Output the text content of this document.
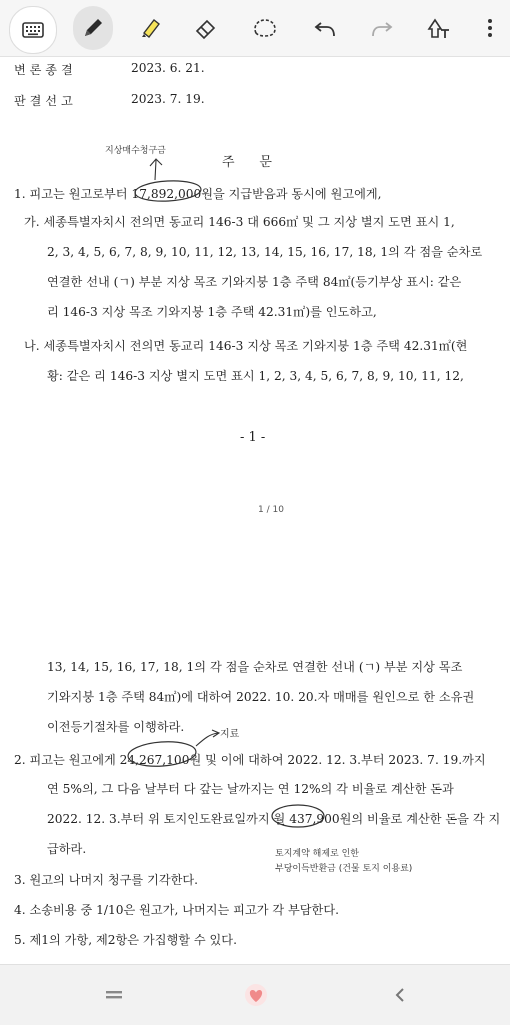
변 론 종 결	2023. 6. 21.
판 결 선 고	2023. 7. 19.
주      문
1. 피고는 원고로부터 17,892,000원을 지급받음과 동시에 원고에게,
가. 세종특별자치시 전의면 동교리 146-3 대 666㎡ 및 그 지상 별지 도면 표시 1,
2, 3, 4, 5, 6, 7, 8, 9, 10, 11, 12, 13, 14, 15, 16, 17, 18, 1의 각 점을 순차로
연결한 선내 (ㄱ) 부분 지상 목조 기와지붕 1층 주택 84㎡(등기부상 표시: 같은
리 146-3 지상 목조 기와지붕 1층 주택 42.31㎡)를 인도하고,
나. 세종특별자치시 전의면 동교리 146-3 지상 목조 기와지붕 1층 주택 42.31㎡(현
황: 같은 리 146-3 지상 별지 도면 표시 1, 2, 3, 4, 5, 6, 7, 8, 9, 10, 11, 12,
- 1 -
1 / 10
13, 14, 15, 16, 17, 18, 1의 각 점을 순차로 연결한 선내 (ㄱ) 부분 지상 목조
기와지붕 1층 주택 84㎡)에 대하여 2022. 10. 20.자 매매를 원인으로 한 소유권
이전등기절차를 이행하라.
2. 피고는 원고에게 24,267,100원 및 이에 대하여 2022. 12. 3.부터 2023. 7. 19.까지
연 5%의, 그 다음 날부터 다 갚는 날까지는 연 12%의 각 비율로 계산한 돈과
2022. 12. 3.부터 위 토지인도완료일까지 월 437,900원의 비율로 계산한 돈을 각 지
급하라.
3. 원고의 나머지 청구를 기각한다.
4. 소송비용 중 1/10은 원고가, 나머지는 피고가 각 부담한다.
5. 제1의 가항, 제2항은 가집행할 수 있다.
지상매수청구금
지료
토지계약 해제로 인한
부당이득반환금 (건물 토지 이용료)
